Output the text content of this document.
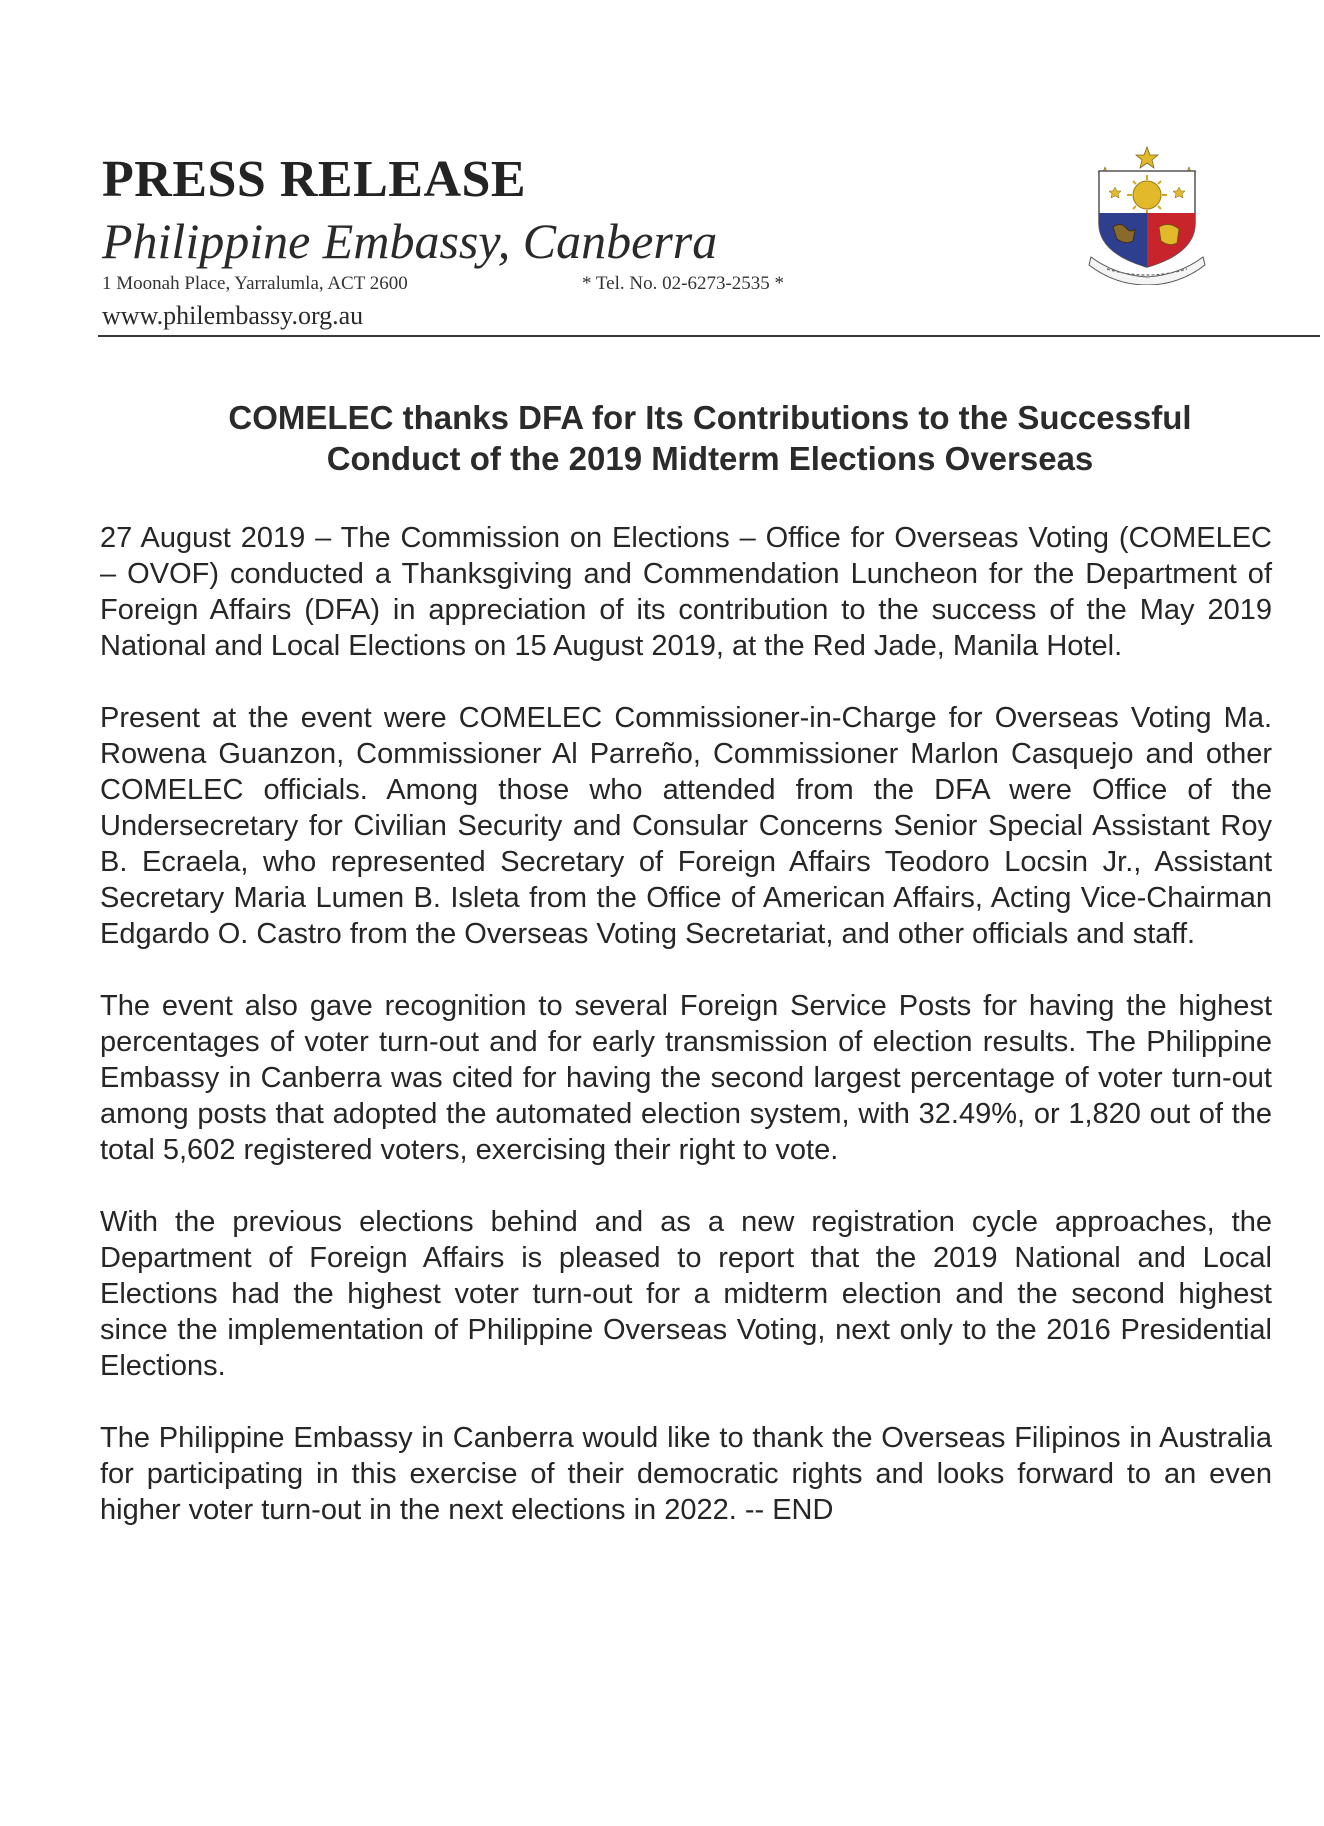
PRESS RELEASE
Philippine Embassy, Canberra
1 Moonah Place, Yarralumla, ACT 2600	* Tel. No. 02-6273-2535 *
www.philembassy.org.au
COMELEC thanks DFA for Its Contributions to the Successful
Conduct of the 2019 Midterm Elections Overseas

27 August 2019 – The Commission on Elections – Office for Overseas Voting (COMELEC – OVOF) conducted a Thanksgiving and Commendation Luncheon for the Department of Foreign Affairs (DFA) in appreciation of its contribution to the success of the May 2019 National and Local Elections on 15 August 2019, at the Red Jade, Manila Hotel.

Present at the event were COMELEC Commissioner-in-Charge for Overseas Voting Ma. Rowena Guanzon, Commissioner Al Parreño, Commissioner Marlon Casquejo and other COMELEC officials. Among those who attended from the DFA were Office of the Undersecretary for Civilian Security and Consular Concerns Senior Special Assistant Roy B. Ecraela, who represented Secretary of Foreign Affairs Teodoro Locsin Jr., Assistant Secretary Maria Lumen B. Isleta from the Office of American Affairs, Acting Vice-Chairman Edgardo O. Castro from the Overseas Voting Secretariat, and other officials and staff.

The event also gave recognition to several Foreign Service Posts for having the highest percentages of voter turn-out and for early transmission of election results. The Philippine Embassy in Canberra was cited for having the second largest percentage of voter turn-out among posts that adopted the automated election system, with 32.49%, or 1,820 out of the total 5,602 registered voters, exercising their right to vote.

With the previous elections behind and as a new registration cycle approaches, the Department of Foreign Affairs is pleased to report that the 2019 National and Local Elections had the highest voter turn-out for a midterm election and the second highest since the implementation of Philippine Overseas Voting, next only to the 2016 Presidential Elections.

The Philippine Embassy in Canberra would like to thank the Overseas Filipinos in Australia for participating in this exercise of their democratic rights and looks forward to an even higher voter turn-out in the next elections in 2022. -- END
